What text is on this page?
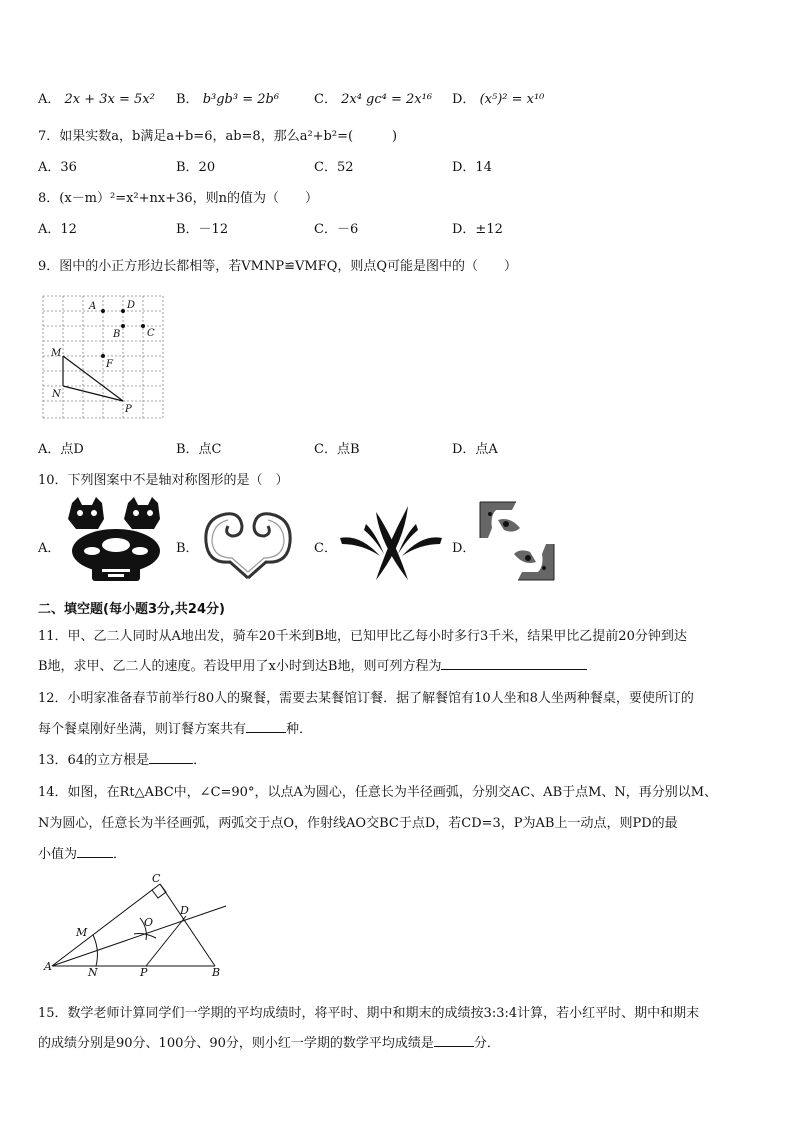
A． 2x + 3x = 5x² B． b³gb³ = 2b⁶	C． 2x⁴ gc⁴ = 2x¹⁶ D． (x⁵)² = x¹⁰
7．如果实数a，b满足a+b=6，ab=8，那么a²+b²=(　　　)
A．36	B．20	C．52	D．14
8．(x－m）²=x²+nx+36，则n的值为（　　）
A．12	B．－12	C．－6	D．±12
9．图中的小正方形边长都相等，若VMNP≌VMFQ，则点Q可能是图中的（　　）
A	D
B	C
M
F
N
P
A．点D	B．点C	C．点B	D．点A
10．下列图案中不是轴对称图形的是（　）
A．	B．	C．	D．
二、填空题(每小题3分,共24分)
11．甲、乙二人同时从A地出发，骑车20千米到B地，已知甲比乙每小时多行3千米，结果甲比乙提前20分钟到达
B地，求甲、乙二人的速度。若设甲用了x小时到达B地，则可列方程为
12．小明家准备春节前举行80人的聚餐，需要去某餐馆订餐．据了解餐馆有10人坐和8人坐两种餐桌，要使所订的
每个餐桌刚好坐满，则订餐方案共有	种．
13．64的立方根是	．
14．如图，在Rt△ABC中，∠C=90°，以点A为圆心，任意长为半径画弧，分别交AC、AB于点M、N，再分别以M、
N为圆心，任意长为半径画弧，两弧交于点O，作射线AO交BC于点D，若CD=3，P为AB上一动点，则PD的最
小值为	．
C
D
M
O
A	N	P	B
15．数学老师计算同学们一学期的平均成绩时，将平时、期中和期末的成绩按3:3:4计算，若小红平时、期中和期末
的成绩分别是90分、100分、90分，则小红一学期的数学平均成绩是	分．
